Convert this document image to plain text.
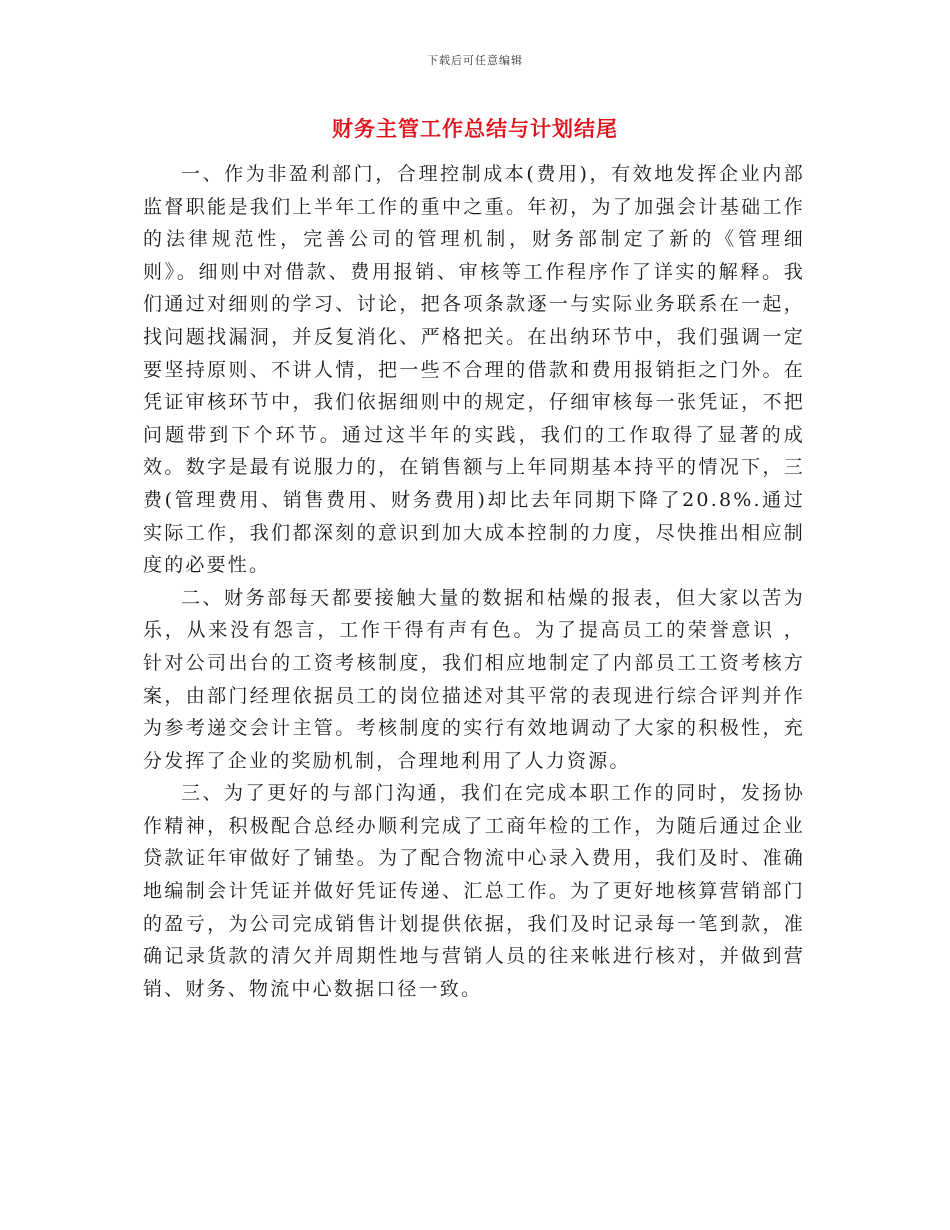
下载后可任意编辑
财务主管工作总结与计划结尾

一、作为非盈利部门，合理控制成本(费用)，有效地发挥企业内部监督职能是我们上半年工作的重中之重。年初，为了加强会计基础工作的法律规范性，完善公司的管理机制，财务部制定了新的《管理细则》。细则中对借款、费用报销、审核等工作程序作了详实的解释。我们通过对细则的学习、讨论，把各项条款逐一与实际业务联系在一起，找问题找漏洞，并反复消化、严格把关。在出纳环节中，我们强调一定要坚持原则、不讲人情，把一些不合理的借款和费用报销拒之门外。在凭证审核环节中，我们依据细则中的规定，仔细审核每一张凭证，不把问题带到下个环节。通过这半年的实践，我们的工作取得了显著的成效。数字是最有说服力的，在销售额与上年同期基本持平的情况下，三费(管理费用、销售费用、财务费用)却比去年同期下降了20.8%.通过实际工作，我们都深刻的意识到加大成本控制的力度，尽快推出相应制度的必要性。

二、财务部每天都要接触大量的数据和枯燥的报表，但大家以苦为乐，从来没有怨言，工作干得有声有色。为了提高员工的荣誉意识 ，针对公司出台的工资考核制度，我们相应地制定了内部员工工资考核方案，由部门经理依据员工的岗位描述对其平常的表现进行综合评判并作为参考递交会计主管。考核制度的实行有效地调动了大家的积极性，充分发挥了企业的奖励机制，合理地利用了人力资源。

三、为了更好的与部门沟通，我们在完成本职工作的同时，发扬协作精神，积极配合总经办顺利完成了工商年检的工作，为随后通过企业贷款证年审做好了铺垫。为了配合物流中心录入费用，我们及时、准确地编制会计凭证并做好凭证传递、汇总工作。为了更好地核算营销部门的盈亏，为公司完成销售计划提供依据，我们及时记录每一笔到款，准确记录货款的清欠并周期性地与营销人员的往来帐进行核对，并做到营销、财务、物流中心数据口径一致。
